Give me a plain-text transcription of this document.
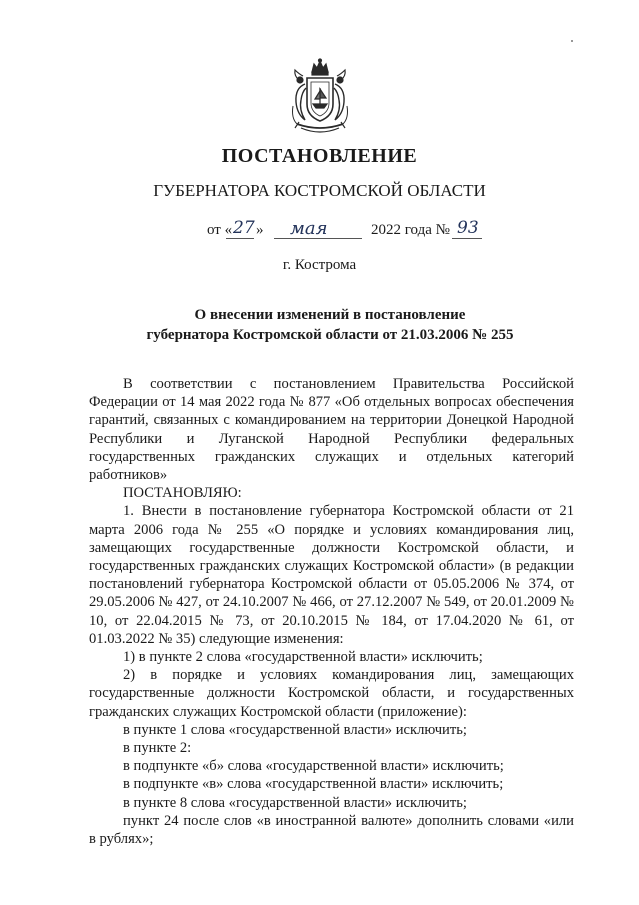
ПОСТАНОВЛЕНИЕ
ГУБЕРНАТОРА КОСТРОМСКОЙ ОБЛАСТИ
от « 27 » мая	2022 года № 93
г. Кострома
О внесении изменений в постановление
губернатора Костромской области от 21.03.2006 № 255

В соответствии с постановлением Правительства Российской Федерации от 14 мая 2022 года № 877 «Об отдельных вопросах обеспечения гарантий, связанных с командированием на территории Донецкой Народной Республики и Луганской Народной Республики федеральных государственных гражданских служащих и отдельных категорий работников»

ПОСТАНОВЛЯЮ:

1. Внести в постановление губернатора Костромской области от 21 марта 2006 года № 255 «О порядке и условиях командирования лиц, замещающих государственные должности Костромской области, и государственных гражданских служащих Костромской области» (в редакции постановлений губернатора Костромской области от 05.05.2006 № 374, от 29.05.2006 № 427, от 24.10.2007 № 466, от 27.12.2007 № 549, от 20.01.2009 № 10, от 22.04.2015 № 73, от 20.10.2015 № 184, от 17.04.2020 № 61, от 01.03.2022 № 35) следующие изменения:

1) в пункте 2 слова «государственной власти» исключить;

2) в порядке и условиях командирования лиц, замещающих государственные должности Костромской области, и государственных гражданских служащих Костромской области (приложение):

в пункте 1 слова «государственной власти» исключить;

в пункте 2:

в подпункте «б» слова «государственной власти» исключить;

в подпункте «в» слова «государственной власти» исключить;

в пункте 8 слова «государственной власти» исключить;

пункт 24 после слов «в иностранной валюте» дополнить словами «или в рублях»;
